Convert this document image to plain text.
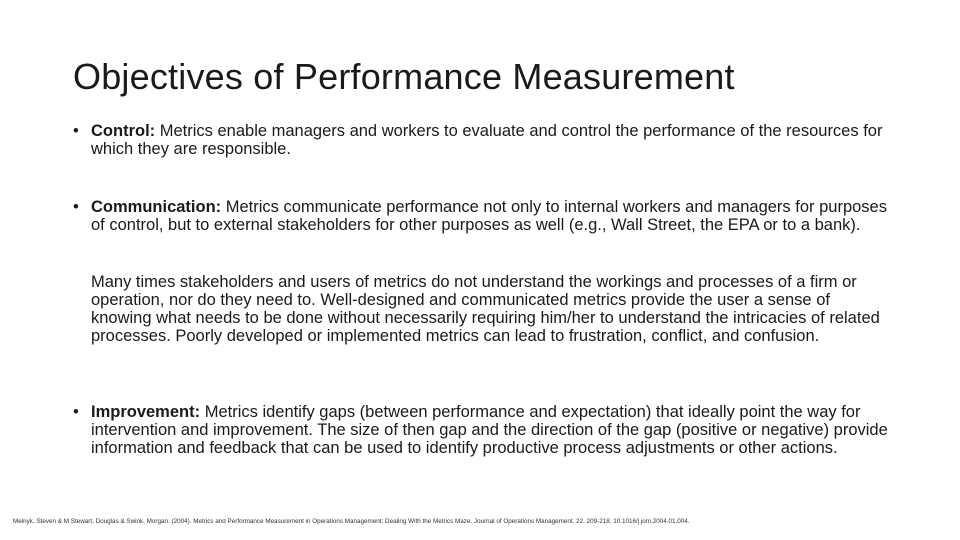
Objectives of Performance Measurement
• Control: Metrics enable managers and workers to evaluate and control the performance of the resources for which they are responsible.
• Communication: Metrics communicate performance not only to internal workers and managers for purposes of control, but to external stakeholders for other purposes as well (e.g., Wall Street, the EPA or to a bank).
Many times stakeholders and users of metrics do not understand the workings and processes of a firm or operation, nor do they need to. Well-designed and communicated metrics provide the user a sense of knowing what needs to be done without necessarily requiring him/her to understand the intricacies of related processes. Poorly developed or implemented metrics can lead to frustration, conflict, and confusion.
• Improvement: Metrics identify gaps (between performance and expectation) that ideally point the way for intervention and improvement. The size of then gap and the direction of the gap (positive or negative) provide information and feedback that can be used to identify productive process adjustments or other actions.
Melnyk, Steven & M Stewart, Douglas & Swink, Morgan. (2004). Metrics and Performance Measurement in Operations Management: Dealing With the Metrics Maze. Journal of Operations Management. 22. 209-218. 10.1016/j.jom.2004.01.004.
